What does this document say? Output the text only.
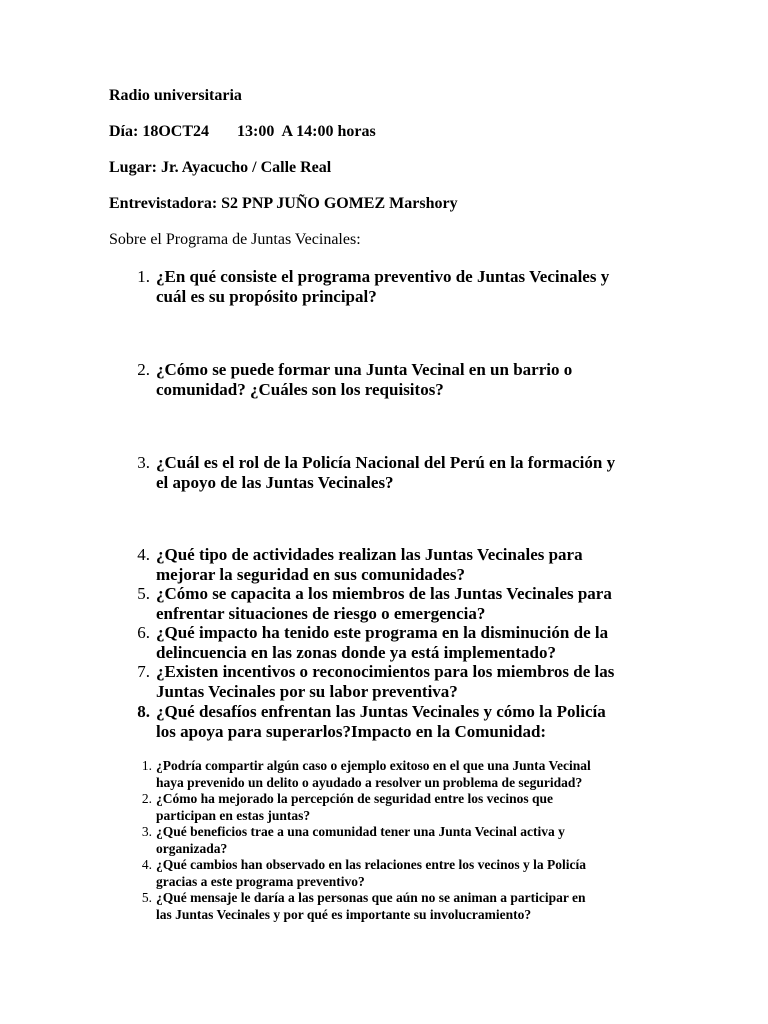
Radio universitaria

Día: 18OCT24 13:00  A 14:00 horas

Lugar: Jr. Ayacucho / Calle Real

Entrevistadora: S2 PNP JUÑO GOMEZ Marshory

Sobre el Programa de Juntas Vecinales:

1. ¿En qué consiste el programa preventivo de Juntas Vecinales y
cuál es su propósito principal?
2. ¿Cómo se puede formar una Junta Vecinal en un barrio o
comunidad? ¿Cuáles son los requisitos?
3. ¿Cuál es el rol de la Policía Nacional del Perú en la formación y
el apoyo de las Juntas Vecinales?
4. ¿Qué tipo de actividades realizan las Juntas Vecinales para
mejorar la seguridad en sus comunidades?
5. ¿Cómo se capacita a los miembros de las Juntas Vecinales para
enfrentar situaciones de riesgo o emergencia?
6. ¿Qué impacto ha tenido este programa en la disminución de la
delincuencia en las zonas donde ya está implementado?
7. ¿Existen incentivos o reconocimientos para los miembros de las
Juntas Vecinales por su labor preventiva?
8. ¿Qué desafíos enfrentan las Juntas Vecinales y cómo la Policía
los apoya para superarlos?Impacto en la Comunidad:
1. ¿Podría compartir algún caso o ejemplo exitoso en el que una Junta Vecinal
haya prevenido un delito o ayudado a resolver un problema de seguridad?
2. ¿Cómo ha mejorado la percepción de seguridad entre los vecinos que
participan en estas juntas?
3. ¿Qué beneficios trae a una comunidad tener una Junta Vecinal activa y
organizada?
4. ¿Qué cambios han observado en las relaciones entre los vecinos y la Policía
gracias a este programa preventivo?
5. ¿Qué mensaje le daría a las personas que aún no se animan a participar en
las Juntas Vecinales y por qué es importante su involucramiento?
